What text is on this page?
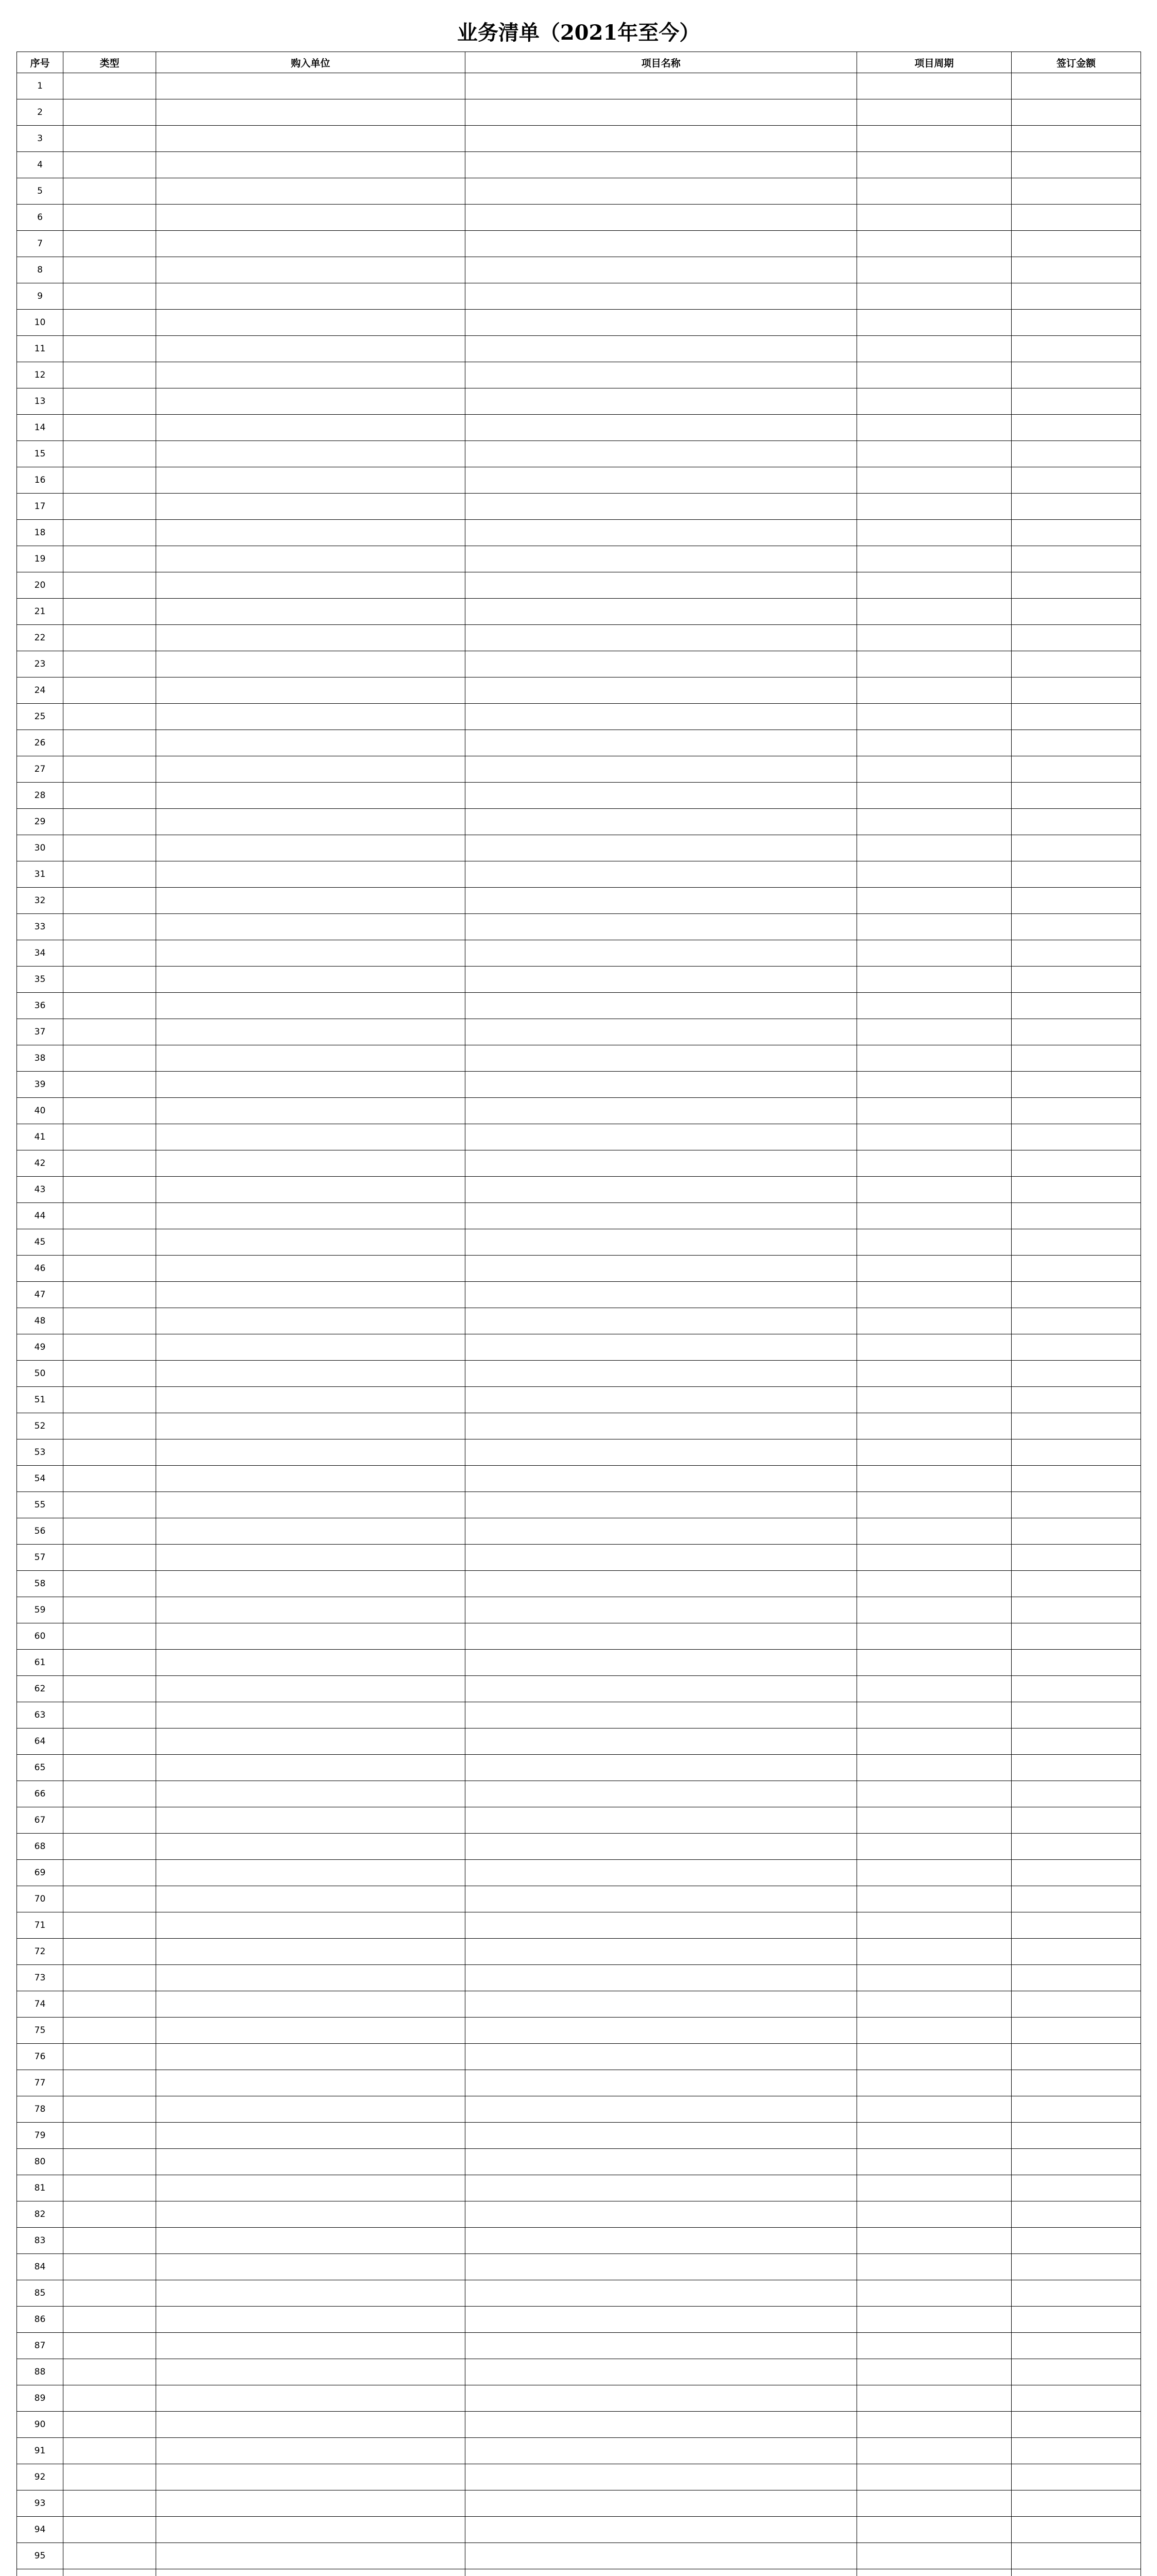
业务清单（2021年至今）
序号	类型	购入单位	项目名称	项目周期	签订金额
1					
2					
3					
4					
5					
6					
7					
8					
9					
10					
11					
12					
13					
14					
15					
16					
17					
18					
19					
20					
21					
22					
23					
24					
25					
26					
27					
28					
29					
30					
31					
32					
33					
34					
35					
36					
37					
38					
39					
40					
41					
42					
43					
44					
45					
46					
47					
48					
49					
50					
51					
52					
53					
54					
55					
56					
57					
58					
59					
60					
61					
62					
63					
64					
65					
66					
67					
68					
69					
70					
71					
72					
73					
74					
75					
76					
77					
78					
79					
80					
81					
82					
83					
84					
85					
86					
87					
88					
89					
90					
91					
92					
93					
94					
95					
